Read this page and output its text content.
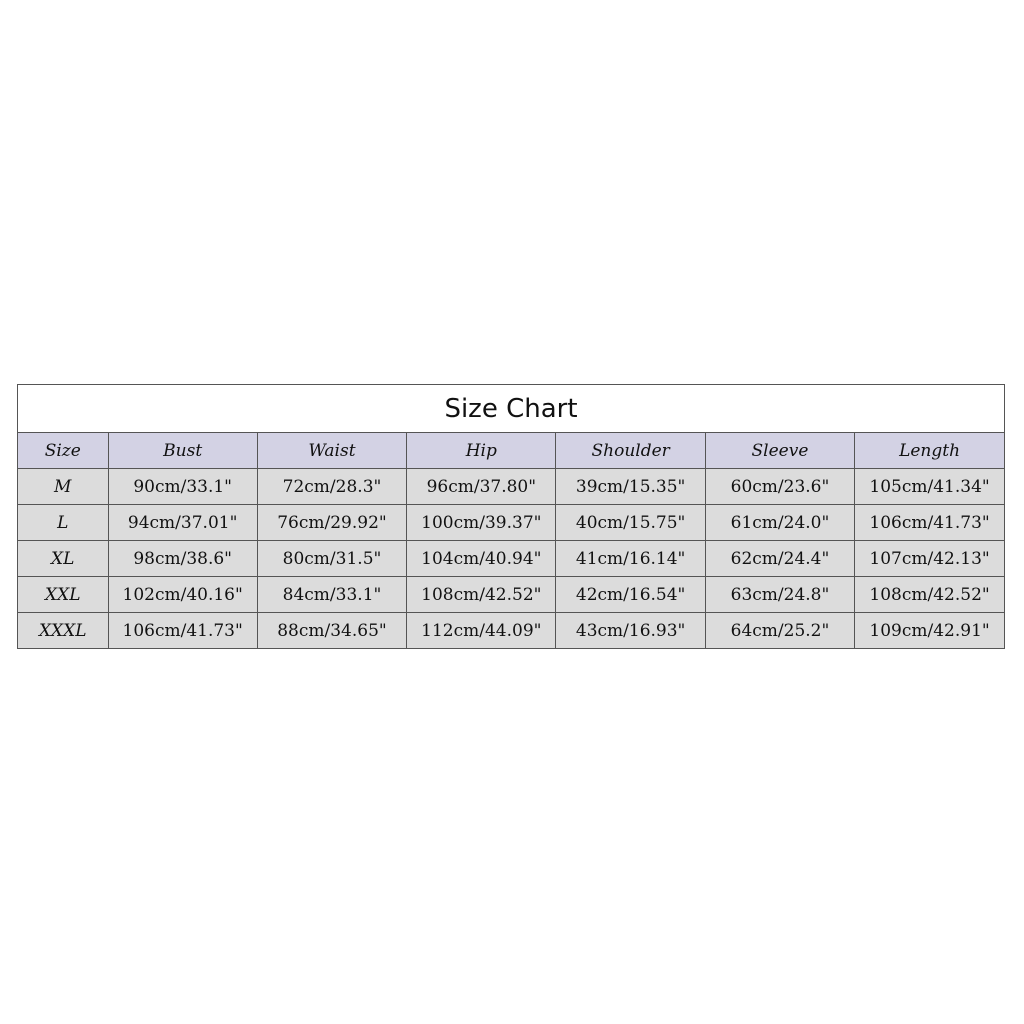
Size Chart
Size	Bust	Waist	Hip	Shoulder	Sleeve	Length
M	90cm/33.1"	72cm/28.3"	96cm/37.80"	39cm/15.35"	60cm/23.6"	105cm/41.34"
L	94cm/37.01"	76cm/29.92"	100cm/39.37"	40cm/15.75"	61cm/24.0"	106cm/41.73"
XL	98cm/38.6"	80cm/31.5"	104cm/40.94"	41cm/16.14"	62cm/24.4"	107cm/42.13"
XXL	102cm/40.16"	84cm/33.1"	108cm/42.52"	42cm/16.54"	63cm/24.8"	108cm/42.52"
XXXL	106cm/41.73"	88cm/34.65"	112cm/44.09"	43cm/16.93"	64cm/25.2"	109cm/42.91"
